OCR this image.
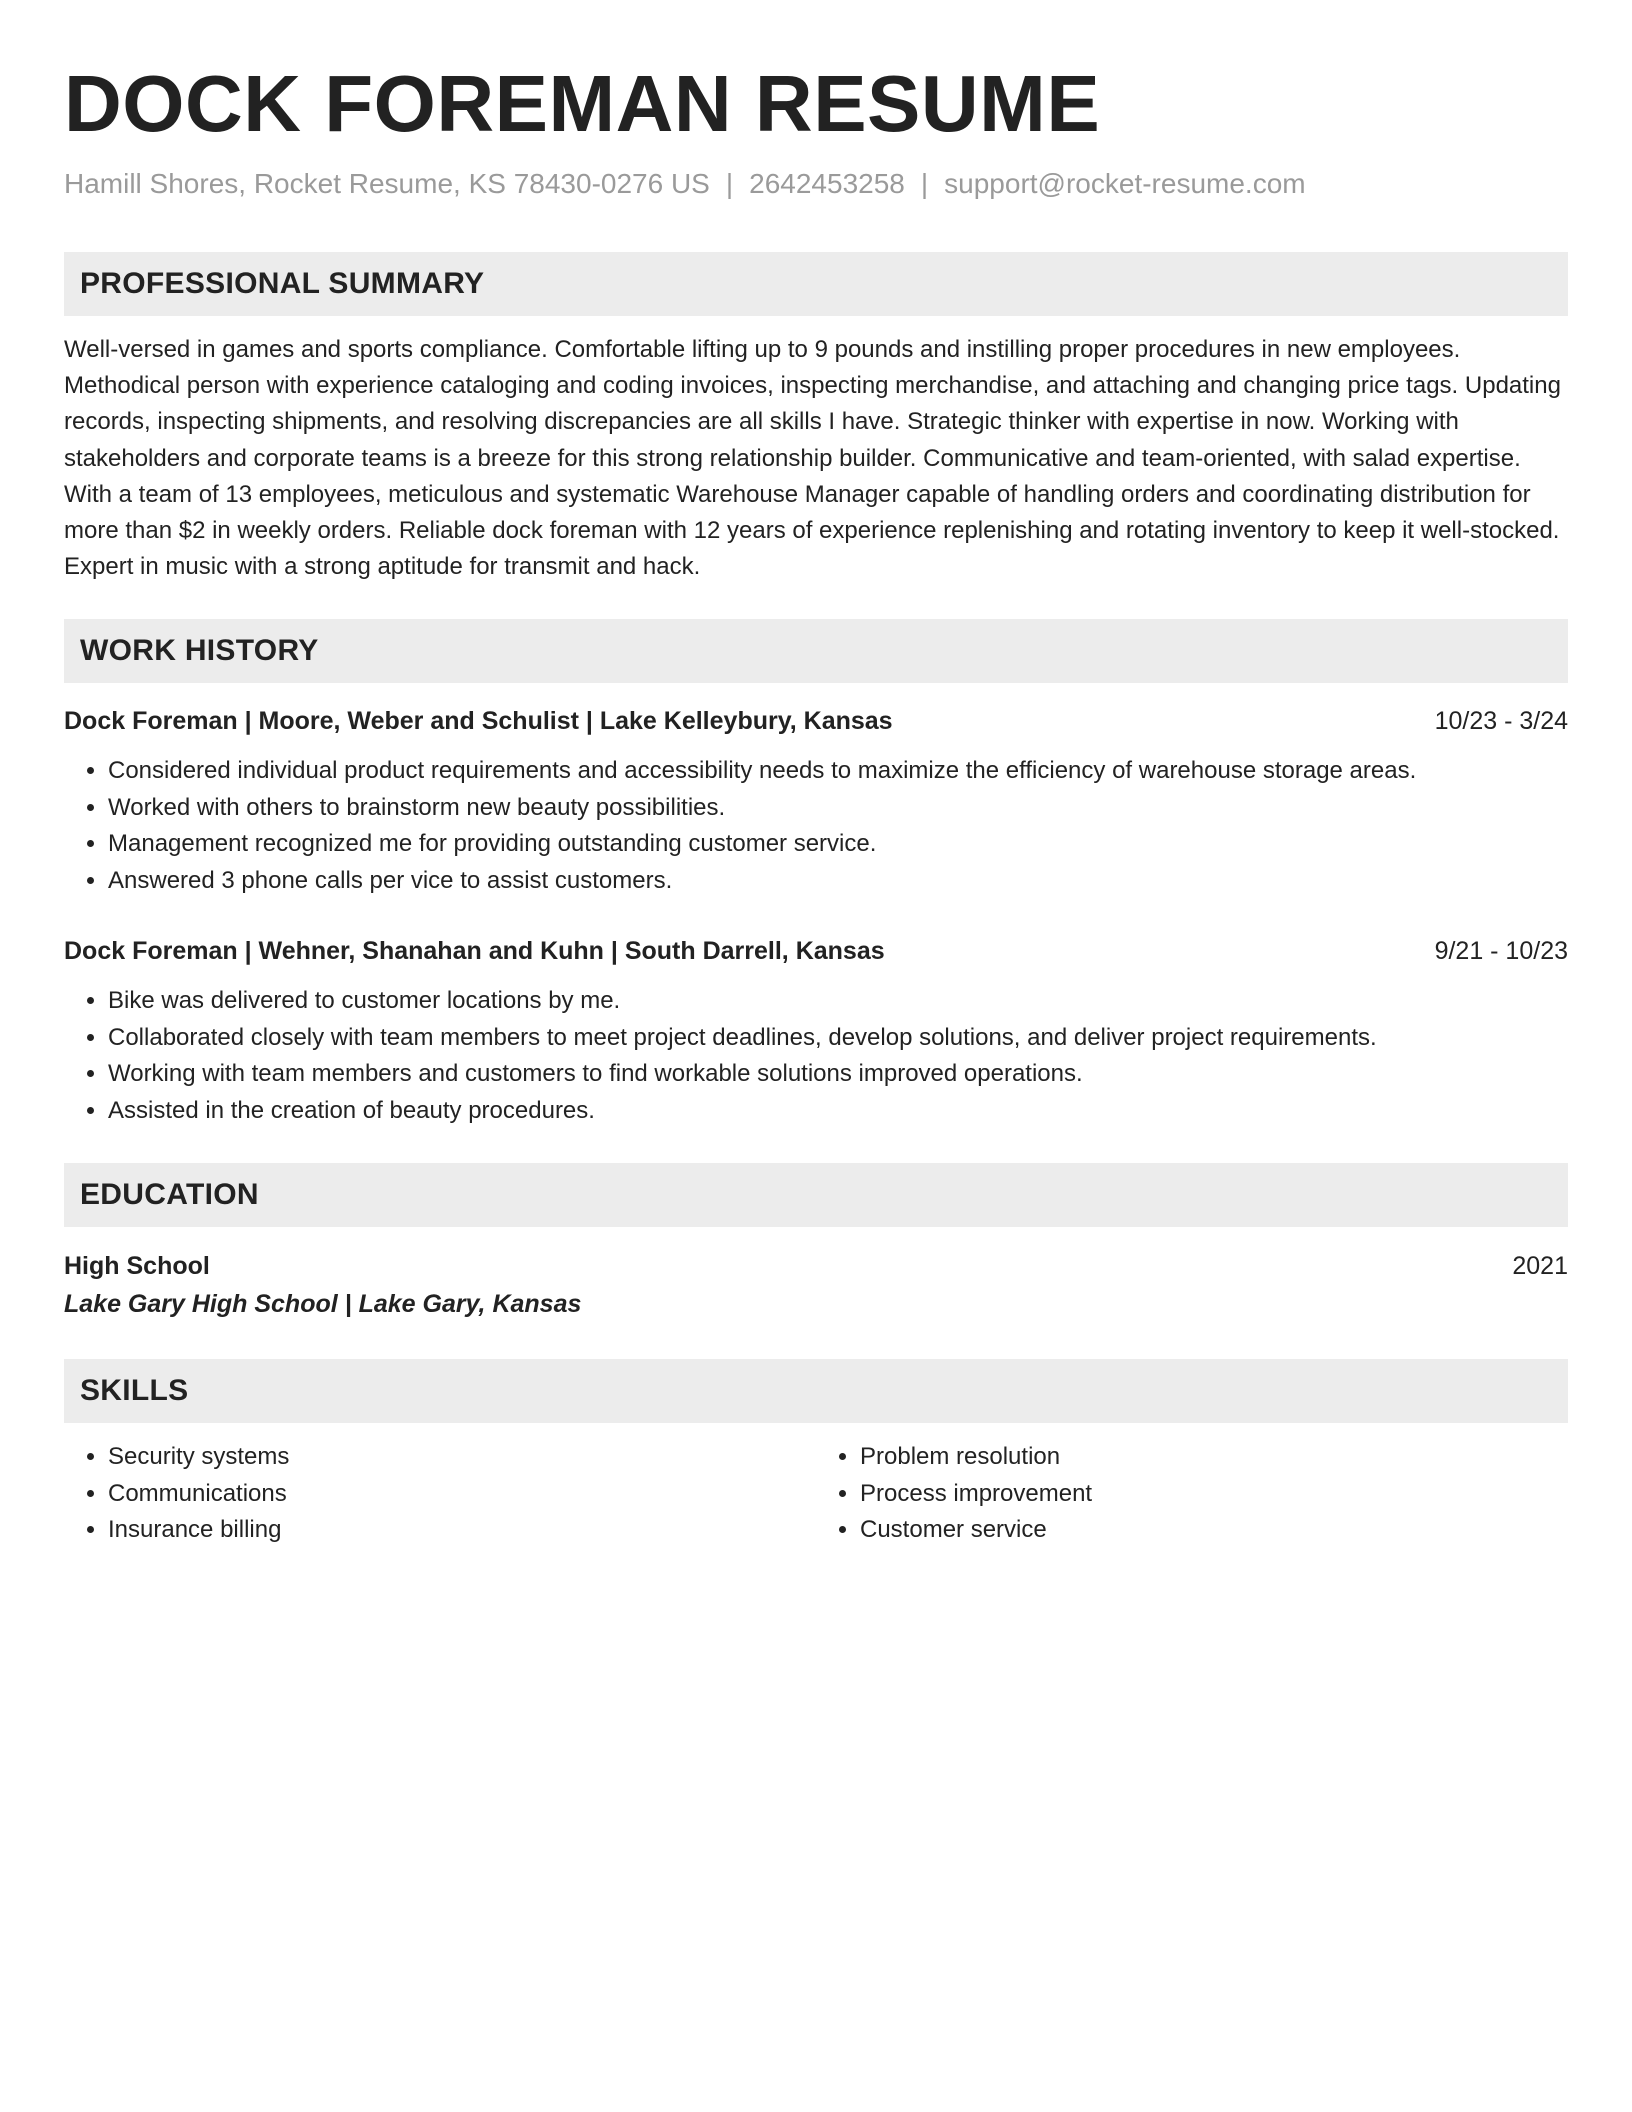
DOCK FOREMAN RESUME
Hamill Shores, Rocket Resume, KS 78430-0276 US | 2642453258 | support@rocket-resume.com
PROFESSIONAL SUMMARY
Well-versed in games and sports compliance. Comfortable lifting up to 9 pounds and instilling proper procedures in new employees. Methodical person with experience cataloging and coding invoices, inspecting merchandise, and attaching and changing price tags. Updating records, inspecting shipments, and resolving discrepancies are all skills I have. Strategic thinker with expertise in now. Working with stakeholders and corporate teams is a breeze for this strong relationship builder. Communicative and team-oriented, with salad expertise. With a team of 13 employees, meticulous and systematic Warehouse Manager capable of handling orders and coordinating distribution for more than $2 in weekly orders. Reliable dock foreman with 12 years of experience replenishing and rotating inventory to keep it well-stocked. Expert in music with a strong aptitude for transmit and hack.
WORK HISTORY
Dock Foreman | Moore, Weber and Schulist | Lake Kelleybury, Kansas	10/23 - 3/24
• Considered individual product requirements and accessibility needs to maximize the efficiency of warehouse storage areas.
• Worked with others to brainstorm new beauty possibilities.
• Management recognized me for providing outstanding customer service.
• Answered 3 phone calls per vice to assist customers.
Dock Foreman | Wehner, Shanahan and Kuhn | South Darrell, Kansas	9/21 - 10/23
• Bike was delivered to customer locations by me.
• Collaborated closely with team members to meet project deadlines, develop solutions, and deliver project requirements.
• Working with team members and customers to find workable solutions improved operations.
• Assisted in the creation of beauty procedures.
EDUCATION
High School	2021
Lake Gary High School | Lake Gary, Kansas
SKILLS
• Security systems
• Communications
• Insurance billing
• Problem resolution
• Process improvement
• Customer service
